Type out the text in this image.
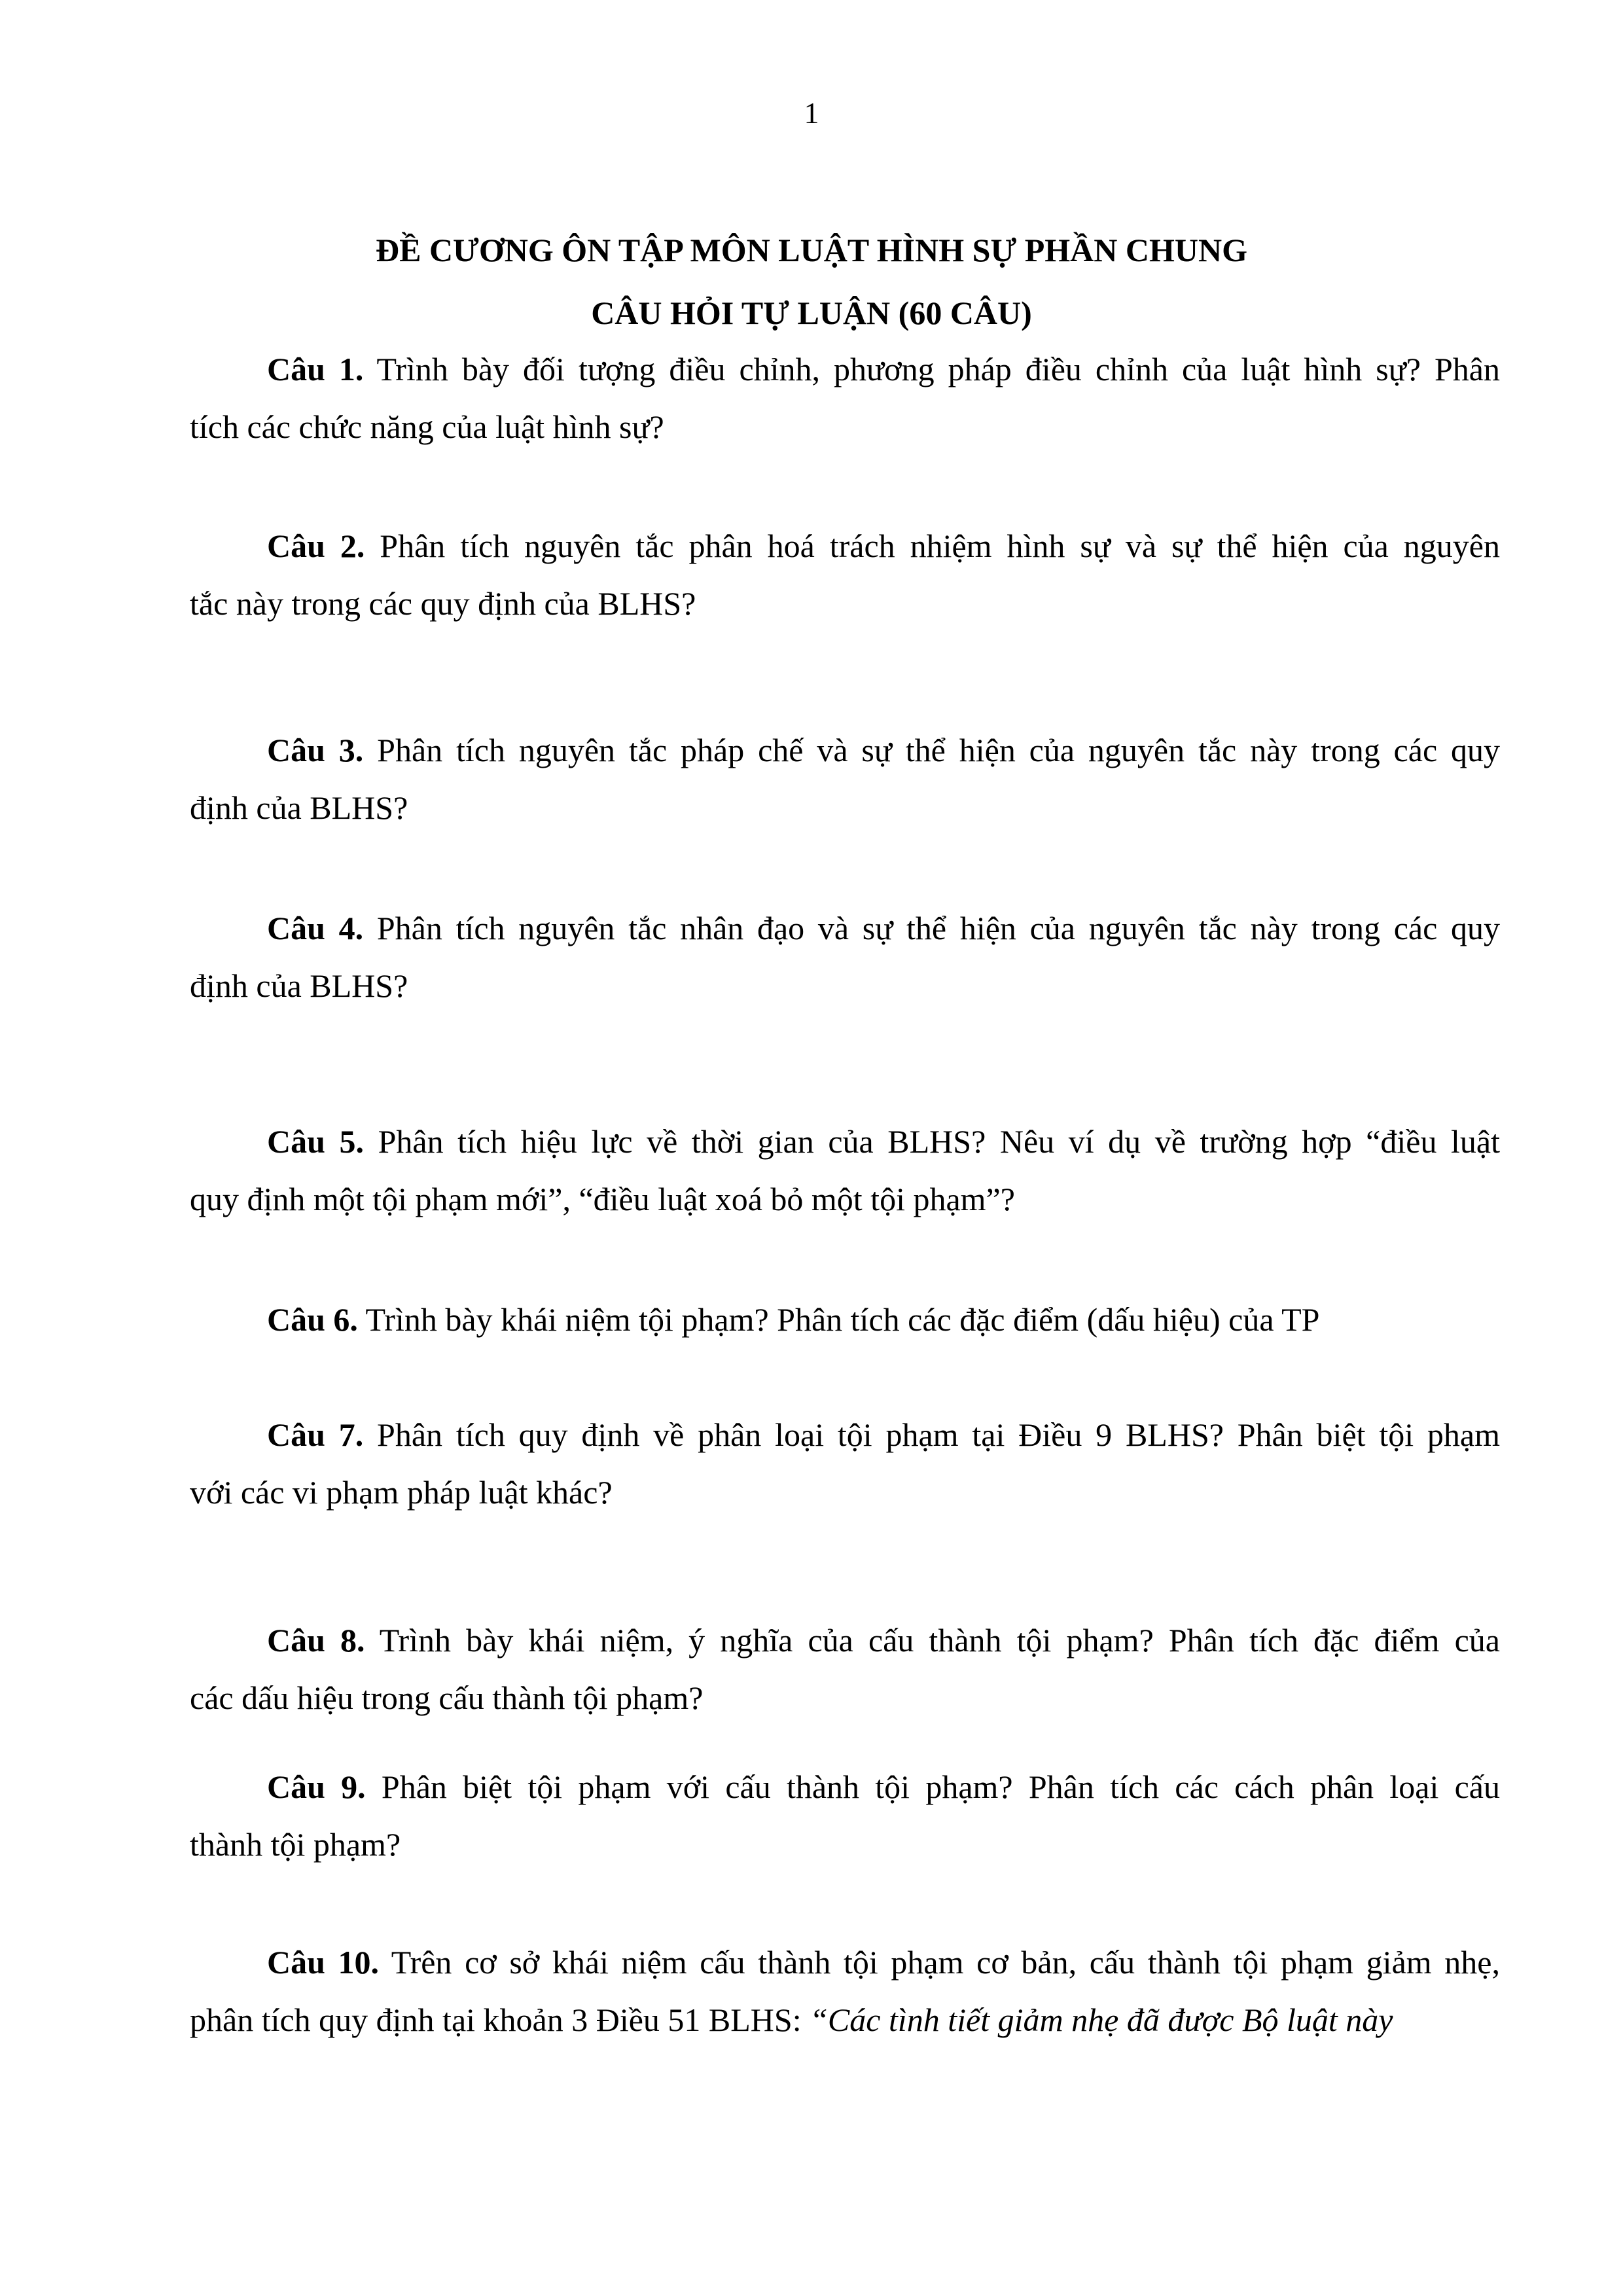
1
ĐỀ CƯƠNG ÔN TẬP MÔN LUẬT HÌNH SỰ PHẦN CHUNG
CÂU HỎI TỰ LUẬN (60 CÂU)
Câu 1. Trình bày đối tượng điều chỉnh, phương pháp điều chỉnh của luật hình sự? Phân
tích các chức năng của luật hình sự?
Câu 2. Phân tích nguyên tắc phân hoá trách nhiệm hình sự và sự thể hiện của nguyên
tắc này trong các quy định của BLHS?
Câu 3. Phân tích nguyên tắc pháp chế và sự thể hiện của nguyên tắc này trong các quy
định của BLHS?
Câu 4. Phân tích nguyên tắc nhân đạo và sự thể hiện của nguyên tắc này trong các quy
định của BLHS?
Câu 5. Phân tích hiệu lực về thời gian của BLHS? Nêu ví dụ về trường hợp “điều luật
quy định một tội phạm mới”, “điều luật xoá bỏ một tội phạm”?
Câu 6. Trình bày khái niệm tội phạm? Phân tích các đặc điểm (dấu hiệu) của TP
Câu 7. Phân tích quy định về phân loại tội phạm tại Điều 9 BLHS? Phân biệt tội phạm
với các vi phạm pháp luật khác?
Câu 8. Trình bày khái niệm, ý nghĩa của cấu thành tội phạm? Phân tích đặc điểm của
các dấu hiệu trong cấu thành tội phạm?
Câu 9. Phân biệt tội phạm với cấu thành tội phạm? Phân tích các cách phân loại cấu
thành tội phạm?
Câu 10. Trên cơ sở khái niệm cấu thành tội phạm cơ bản, cấu thành tội phạm giảm nhẹ,
phân tích quy định tại khoản 3 Điều 51 BLHS: “Các tình tiết giảm nhẹ đã được Bộ luật này
